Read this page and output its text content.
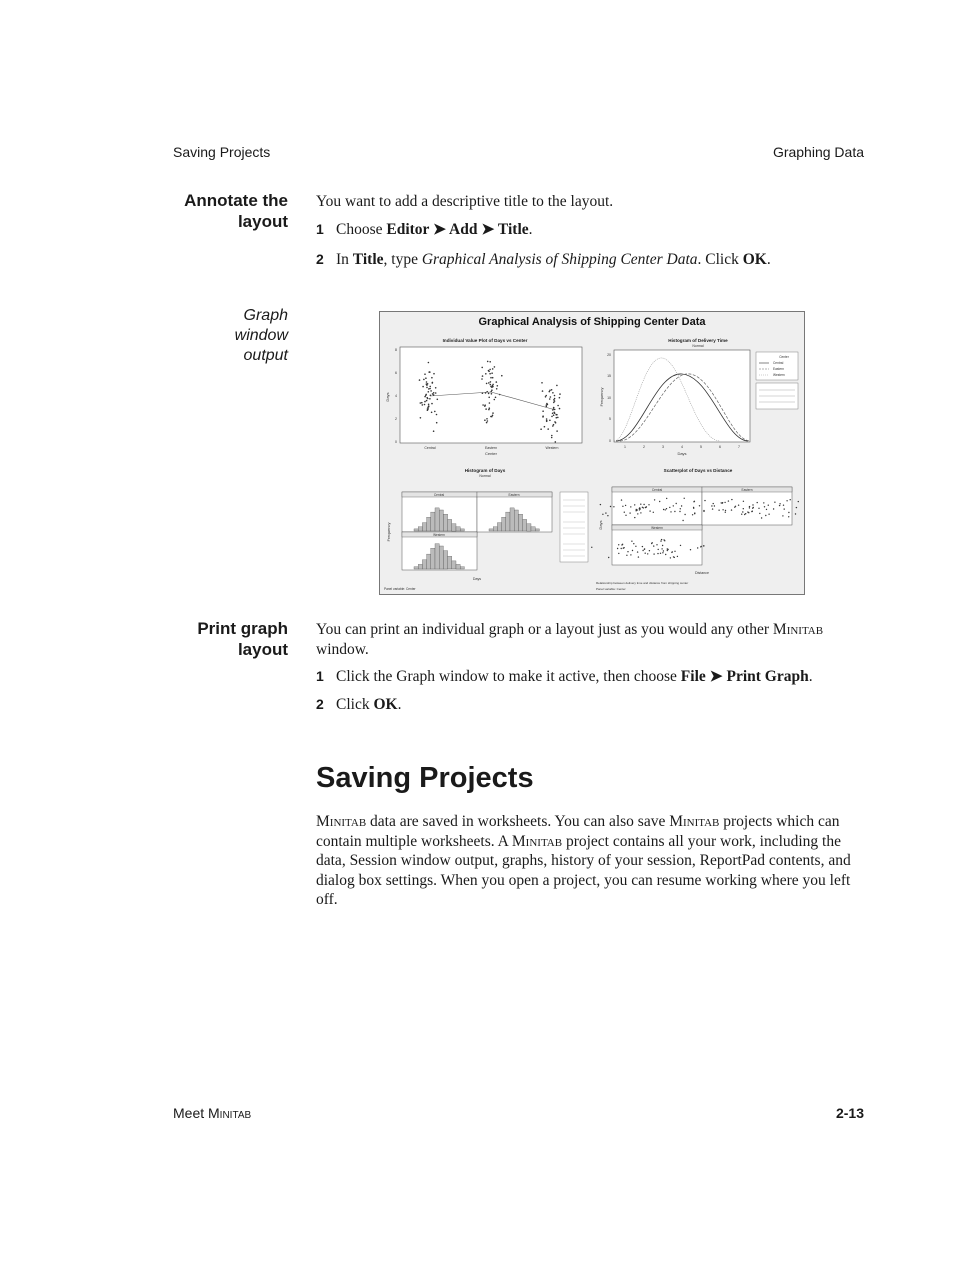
Saving Projects	Graphing Data
Annotate the
layout
You want to add a descriptive title to the layout.
1 Choose Editor ➤ Add ➤ Title.
2 In Title, type Graphical Analysis of Shipping Center Data. Click OK.
Graph
window
output
Graphical Analysis of Shipping Center Data
Individual Value Plot of Days vs Center
Days
8
6
4
2
0
Central	Eastern	Western
Center
Histogram of Delivery Time
Normal
Frequency
20
15
10
5
0
1	2	3	4	5	6	7
Days
Center
Central
Eastern
Western
Histogram of Days
Normal
Central	Eastern
Western
Frequency
Days
Panel variable: Center
Scatterplot of Days vs Distance
Central	Eastern
Western
Days
Distance
Relationship between delivery time and distance from shipping center
Panel variable: Center
Print graph
layout
You can print an individual graph or a layout just as you would any other Minitab
window.
1 Click the Graph window to make it active, then choose File ➤ Print Graph.
2 Click OK.
Saving Projects
Minitab data are saved in worksheets. You can also save Minitab projects which can contain multiple worksheets. A Minitab project contains all your work, including the data, Session window output, graphs, history of your session, ReportPad contents, and dialog box settings. When you open a project, you can resume working where you left off.
Meet Minitab	2-13
